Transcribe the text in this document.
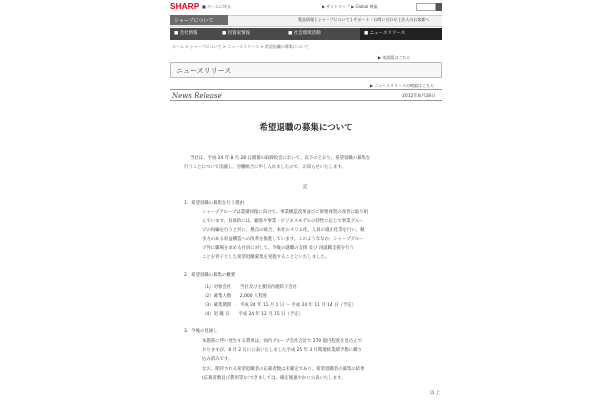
SHARP ■ ホームに戻る	▶ サイトマップ ▶ Global 検索
シャープについて	製品情報 | シャープについて | サポート・お問い合わせ | 法人のお客様へ
■ 会社情報	■ 投資家情報	■ 社会環境活動	■ ニュースリリース
ホーム > シャープについて > ニュースリリース > 希望退職の募集について
▶ 英語版はこちら
ニュースリリース
▶ ニュースリリースの検索はこちら
News Release	2012年8月28日
希望退職の募集について
当社は、平成 24 年 8 月 28 日開催の取締役会において、以下のとおり、希望退職の募集を
行うことについて決議し、労働組合に申し入れましたので、お知らせいたします。
記
1．希望退職の募集を行う理由
シャープグループは業績回復に向けて、事業構造改革並びに財務体質の改善に取り組
んでいます。具体的には、顧客や事業・ビジネスモデルの特性に応じて事業グルー
プの再編を行うと共に、拠点の統合、本社のスリム化、人員の適正化等を行い、競
争力のある収益構造への改革を推進しています。このようななか、シャープグルー
プ外に職場を求める社員に対して、今後の就職の支援 及び 再就職支援を行う
ことを骨子とした希望退職募集を実施することといたしました。
2．希望退職の募集の概要
（1）対象会社　　当社及び主要国内連結子会社
（2）募集人数　　2,000 人程度
（3）募集期間　　平成 24 年 11 月 1 日 ～ 平成 24 年 11 月 14 日（予定）
（4）退 職 日　　平成 24 年 12 月 15 日（予定）
3．今後の見通し
本施策に伴い発生する費用は、国内グループ会社合計で 270 億円程度を見込んで
おりますが、8 月 2 日に公表いたしました平成 25 年 3 月期連結業績予想に織り
込み済みです。
なお、期待される希望退職者の応募者数は未確定であり、希望退職者の募集の結果
(応募者数及び費用等)につきましては、確定後速やかに公表いたします。
以 上
